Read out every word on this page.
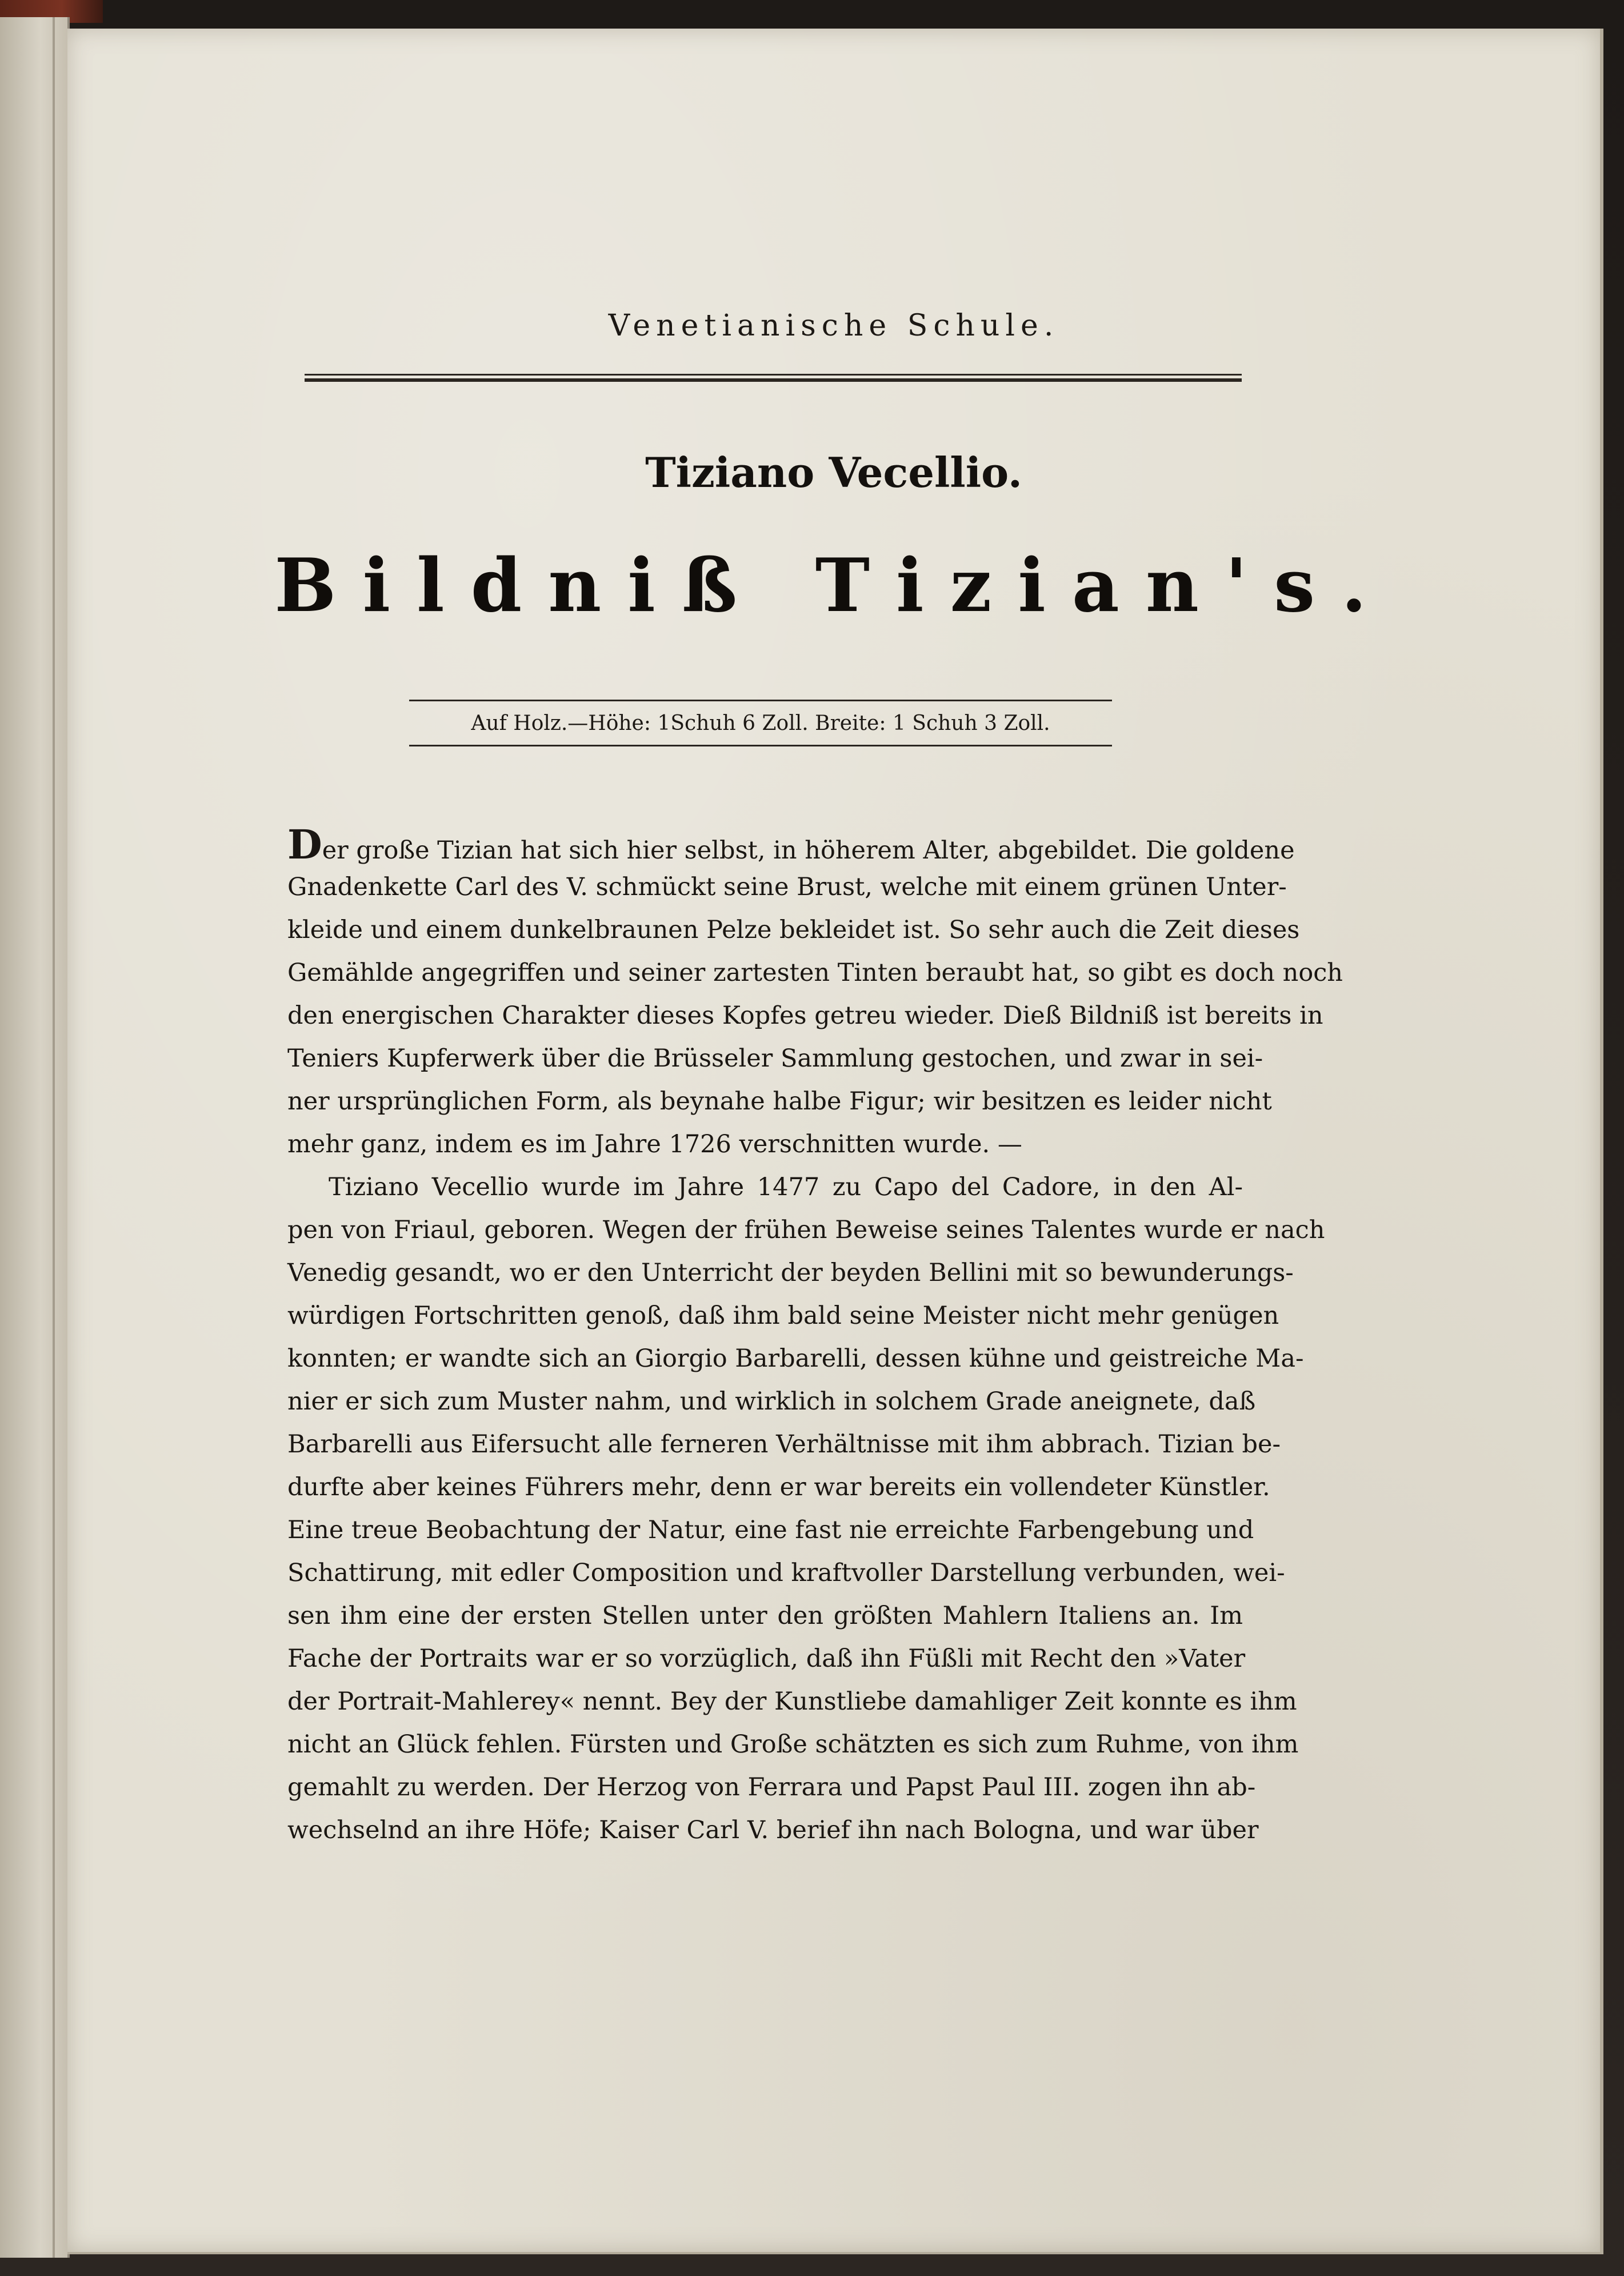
Venetianische Schule.
Tiziano Vecellio.
Bildniß Tizian's.
Auf Holz.—Höhe: 1Schuh 6 Zoll. Breite: 1 Schuh 3 Zoll.
Der große Tizian hat sich hier selbst, in höherem Alter, abgebildet. Die goldene
Gnadenkette Carl des V. schmückt seine Brust, welche mit einem grünen Unter-
kleide und einem dunkelbraunen Pelze bekleidet ist. So sehr auch die Zeit dieses
Gemählde angegriffen und seiner zartesten Tinten beraubt hat, so gibt es doch noch
den energischen Charakter dieses Kopfes getreu wieder. Dieß Bildniß ist bereits in
Teniers Kupferwerk über die Brüsseler Sammlung gestochen, und zwar in sei-
ner ursprünglichen Form, als beynahe halbe Figur; wir besitzen es leider nicht
mehr ganz, indem es im Jahre 1726 verschnitten wurde. —
Tiziano Vecellio wurde im Jahre 1477 zu Capo del Cadore, in den Al-
pen von Friaul, geboren. Wegen der frühen Beweise seines Talentes wurde er nach
Venedig gesandt, wo er den Unterricht der beyden Bellini mit so bewunderungs-
würdigen Fortschritten genoß, daß ihm bald seine Meister nicht mehr genügen
konnten; er wandte sich an Giorgio Barbarelli, dessen kühne und geistreiche Ma-
nier er sich zum Muster nahm, und wirklich in solchem Grade aneignete, daß
Barbarelli aus Eifersucht alle ferneren Verhältnisse mit ihm abbrach. Tizian be-
durfte aber keines Führers mehr, denn er war bereits ein vollendeter Künstler.
Eine treue Beobachtung der Natur, eine fast nie erreichte Farbengebung und
Schattirung, mit edler Composition und kraftvoller Darstellung verbunden, wei-
sen ihm eine der ersten Stellen unter den größten Mahlern Italiens an. Im
Fache der Portraits war er so vorzüglich, daß ihn Füßli mit Recht den »Vater
der Portrait-Mahlerey« nennt. Bey der Kunstliebe damahliger Zeit konnte es ihm
nicht an Glück fehlen. Fürsten und Große schätzten es sich zum Ruhme, von ihm
gemahlt zu werden. Der Herzog von Ferrara und Papst Paul III. zogen ihn ab-
wechselnd an ihre Höfe; Kaiser Carl V. berief ihn nach Bologna, und war über
